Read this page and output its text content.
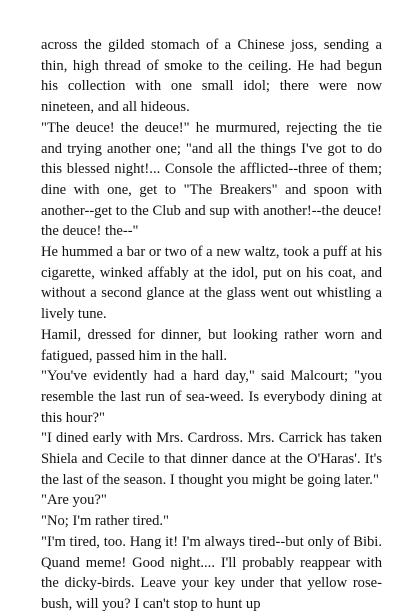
across the gilded stomach of a Chinese joss, sending a thin, high thread of smoke to the ceiling. He had begun his collection with one small idol; there were now nineteen, and all hideous.

"The deuce! the deuce!" he murmured, rejecting the tie and trying another one; "and all the things I've got to do this blessed night!... Console the afflicted--three of them; dine with one, get to "The Breakers" and spoon with another--get to the Club and sup with another!--the deuce! the deuce! the--"

He hummed a bar or two of a new waltz, took a puff at his cigarette, winked affably at the idol, put on his coat, and without a second glance at the glass went out whistling a lively tune.

Hamil, dressed for dinner, but looking rather worn and fatigued, passed him in the hall.

"You've evidently had a hard day," said Malcourt; "you resemble the last run of sea-weed. Is everybody dining at this hour?"

"I dined early with Mrs. Cardross. Mrs. Carrick has taken Shiela and Cecile to that dinner dance at the O'Haras'. It's the last of the season. I thought you might be going later."

"Are you?"

"No; I'm rather tired."

"I'm tired, too. Hang it! I'm always tired--but only of Bibi. Quand meme! Good night.... I'll probably reappear with the dicky-birds. Leave your key under that yellow rose-bush, will you? I can't stop to hunt up
